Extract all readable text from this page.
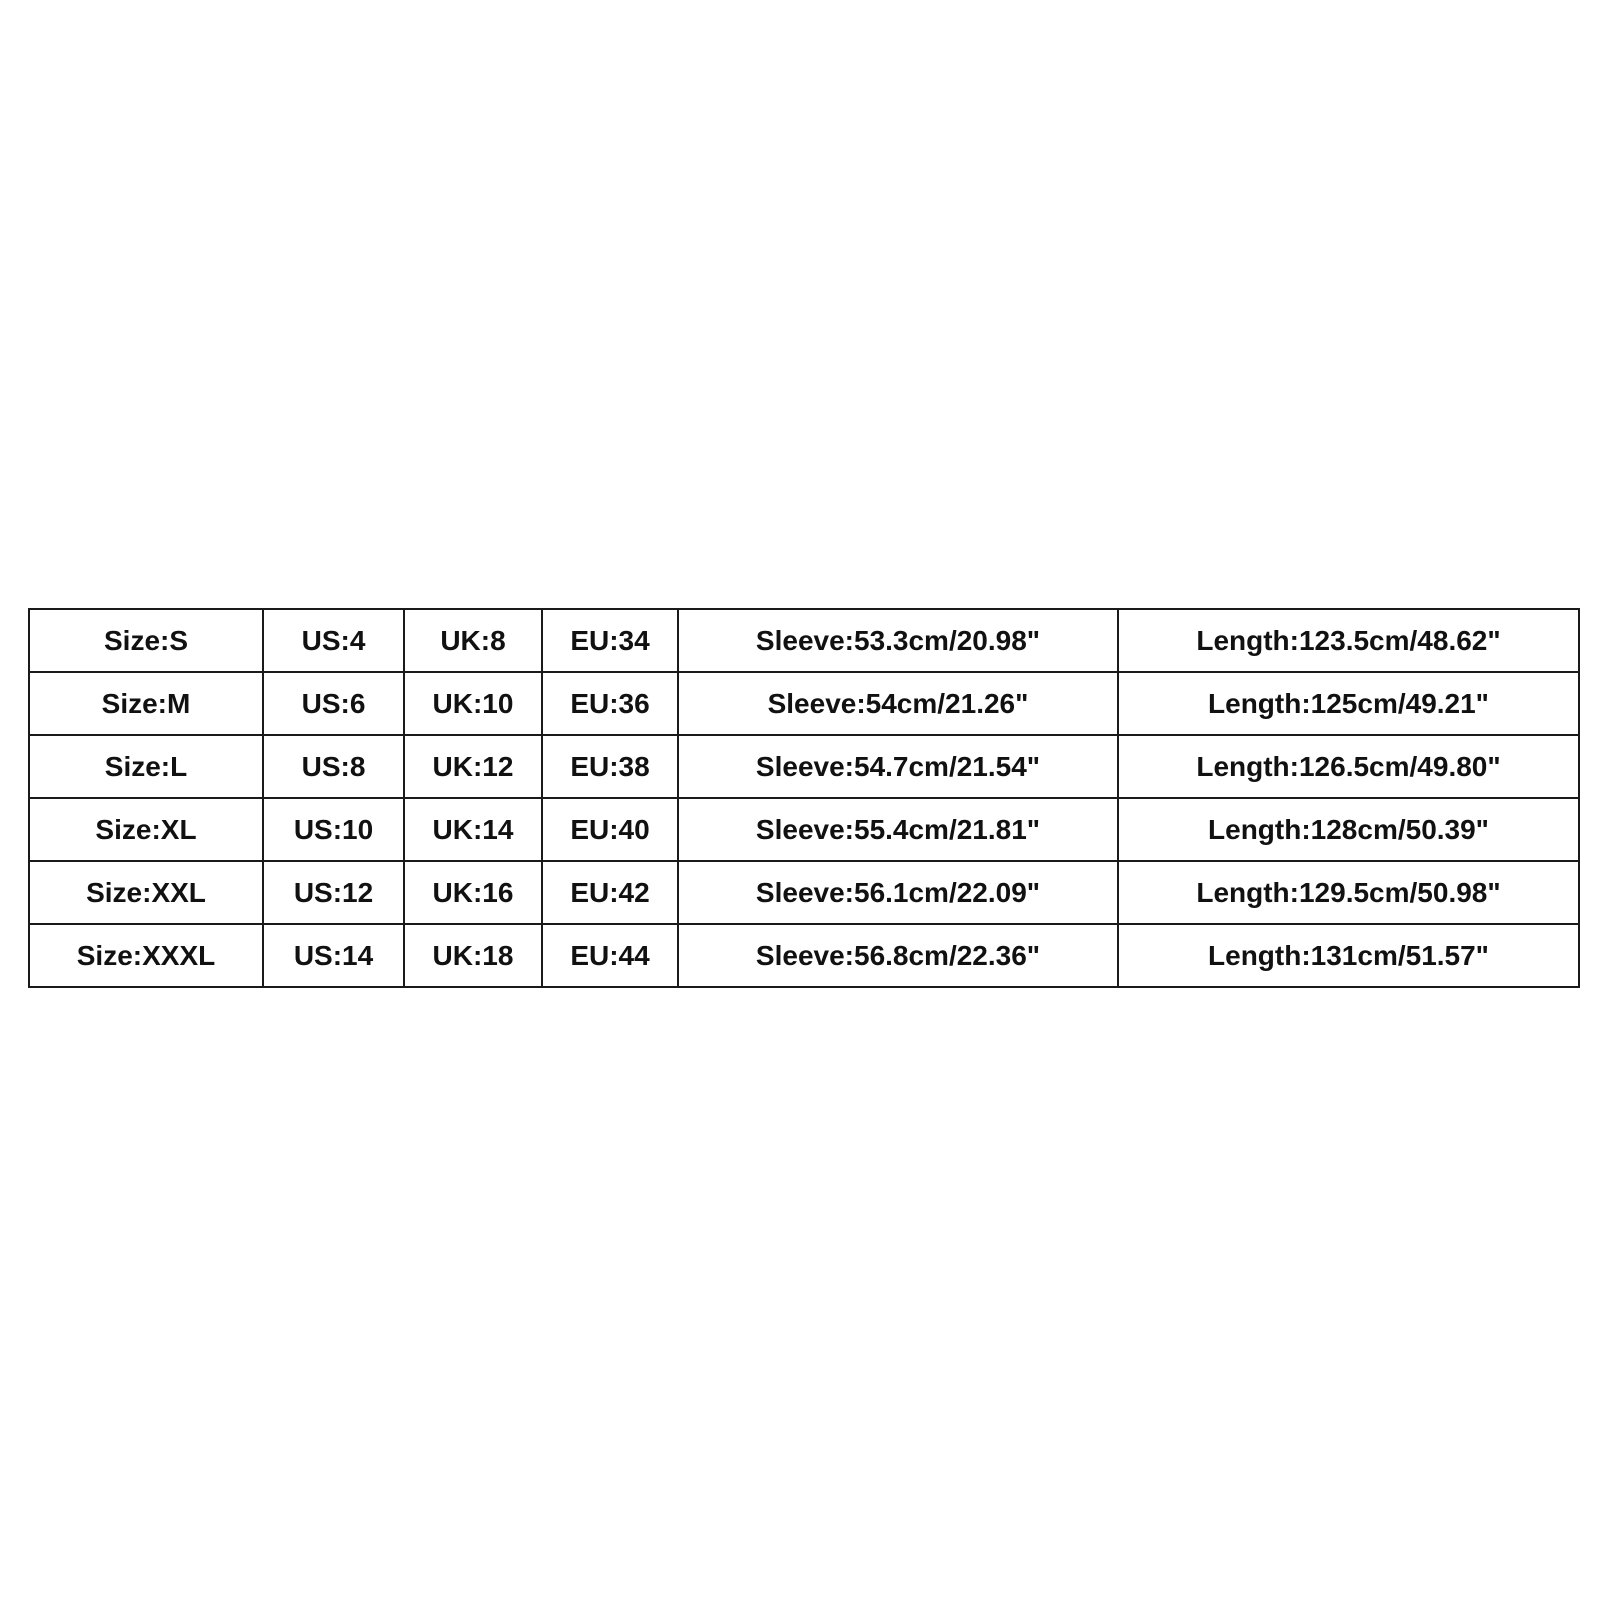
Size:S	US:4	UK:8	EU:34	Sleeve:53.3cm/20.98"	Length:123.5cm/48.62"
Size:M	US:6	UK:10	EU:36	Sleeve:54cm/21.26"	Length:125cm/49.21"
Size:L	US:8	UK:12	EU:38	Sleeve:54.7cm/21.54"	Length:126.5cm/49.80"
Size:XL	US:10	UK:14	EU:40	Sleeve:55.4cm/21.81"	Length:128cm/50.39"
Size:XXL	US:12	UK:16	EU:42	Sleeve:56.1cm/22.09"	Length:129.5cm/50.98"
Size:XXXL	US:14	UK:18	EU:44	Sleeve:56.8cm/22.36"	Length:131cm/51.57"
